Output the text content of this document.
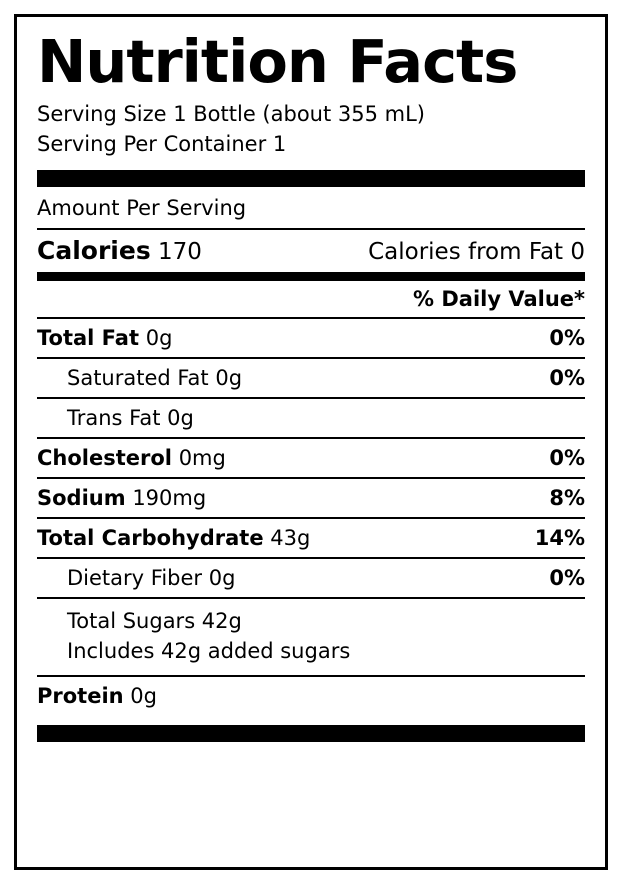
Nutrition Facts
Serving Size 1 Bottle (about 355 mL)
Serving Per Container 1
Amount Per Serving
Calories 170	Calories from Fat 0
% Daily Value*
Total Fat 0g	0%
Saturated Fat 0g	0%
Trans Fat 0g
Cholesterol 0mg	0%
Sodium 190mg	8%
Total Carbohydrate 43g	14%
Dietary Fiber 0g	0%
Total Sugars 42g
Includes 42g added sugars
Protein 0g
